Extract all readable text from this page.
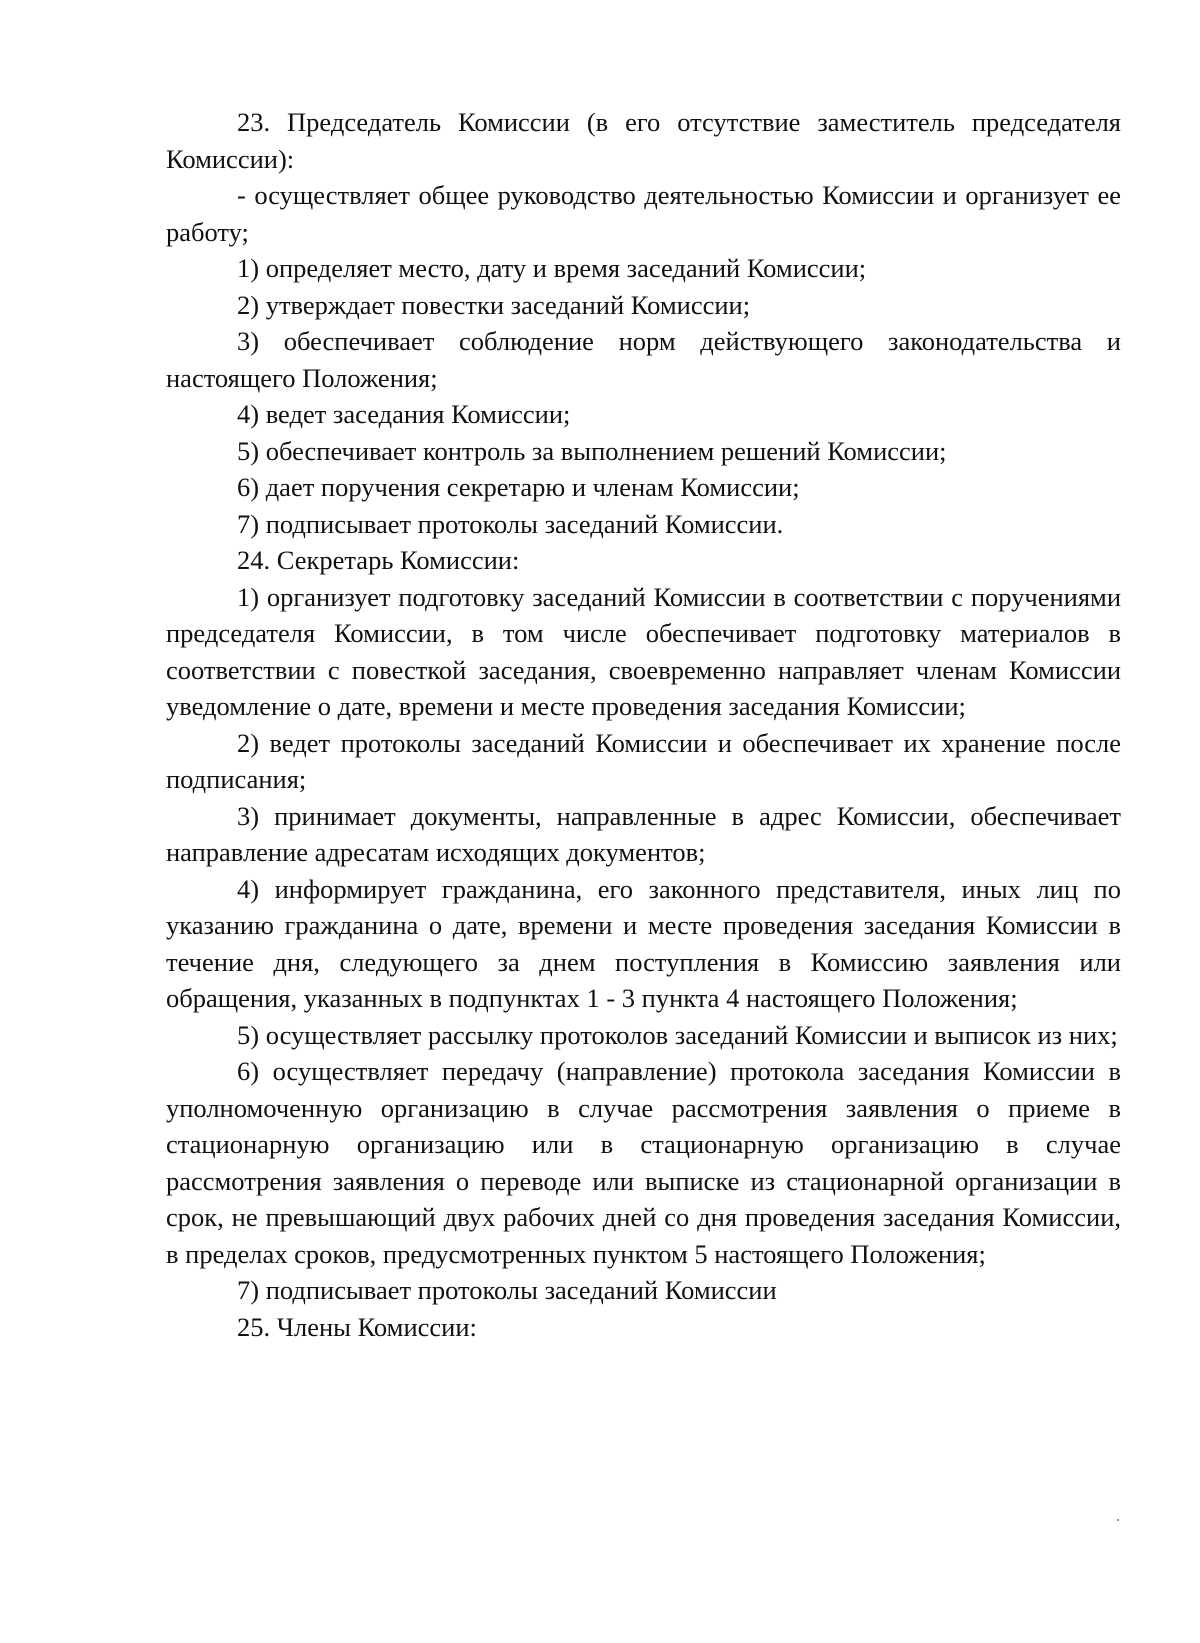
23. Председатель Комиссии (в его отсутствие заместитель председателя Комиссии):

- осуществляет общее руководство деятельностью Комиссии и организует ее работу;

1) определяет место, дату и время заседаний Комиссии;

2) утверждает повестки заседаний Комиссии;

3) обеспечивает соблюдение норм действующего законодательства и настоящего Положения;

4) ведет заседания Комиссии;

5) обеспечивает контроль за выполнением решений Комиссии;

6) дает поручения секретарю и членам Комиссии;

7) подписывает протоколы заседаний Комиссии.

24. Секретарь Комиссии:

1) организует подготовку заседаний Комиссии в соответствии с поручениями председателя Комиссии, в том числе обеспечивает подготовку материалов в соответствии с повесткой заседания, своевременно направляет членам Комиссии уведомление о дате, времени и месте проведения заседания Комиссии;

2) ведет протоколы заседаний Комиссии и обеспечивает их хранение после подписания;

3) принимает документы, направленные в адрес Комиссии, обеспечивает направление адресатам исходящих документов;

4) информирует гражданина, его законного представителя, иных лиц по указанию гражданина о дате, времени и месте проведения заседания Комиссии в течение дня, следующего за днем поступления в Комиссию заявления или обращения, указанных в подпунктах 1 - 3 пункта 4 настоящего Положения;

5) осуществляет рассылку протоколов заседаний Комиссии и выписок из них;

6) осуществляет передачу (направление) протокола заседания Комиссии в уполномоченную организацию в случае рассмотрения заявления о приеме в стационарную организацию или в стационарную организацию в случае рассмотрения заявления о переводе или выписке из стационарной организации в срок, не превышающий двух рабочих дней со дня проведения заседания Комиссии, в пределах сроков, предусмотренных пунктом 5 настоящего Положения;

7) подписывает протоколы заседаний Комиссии

25. Члены Комиссии:
